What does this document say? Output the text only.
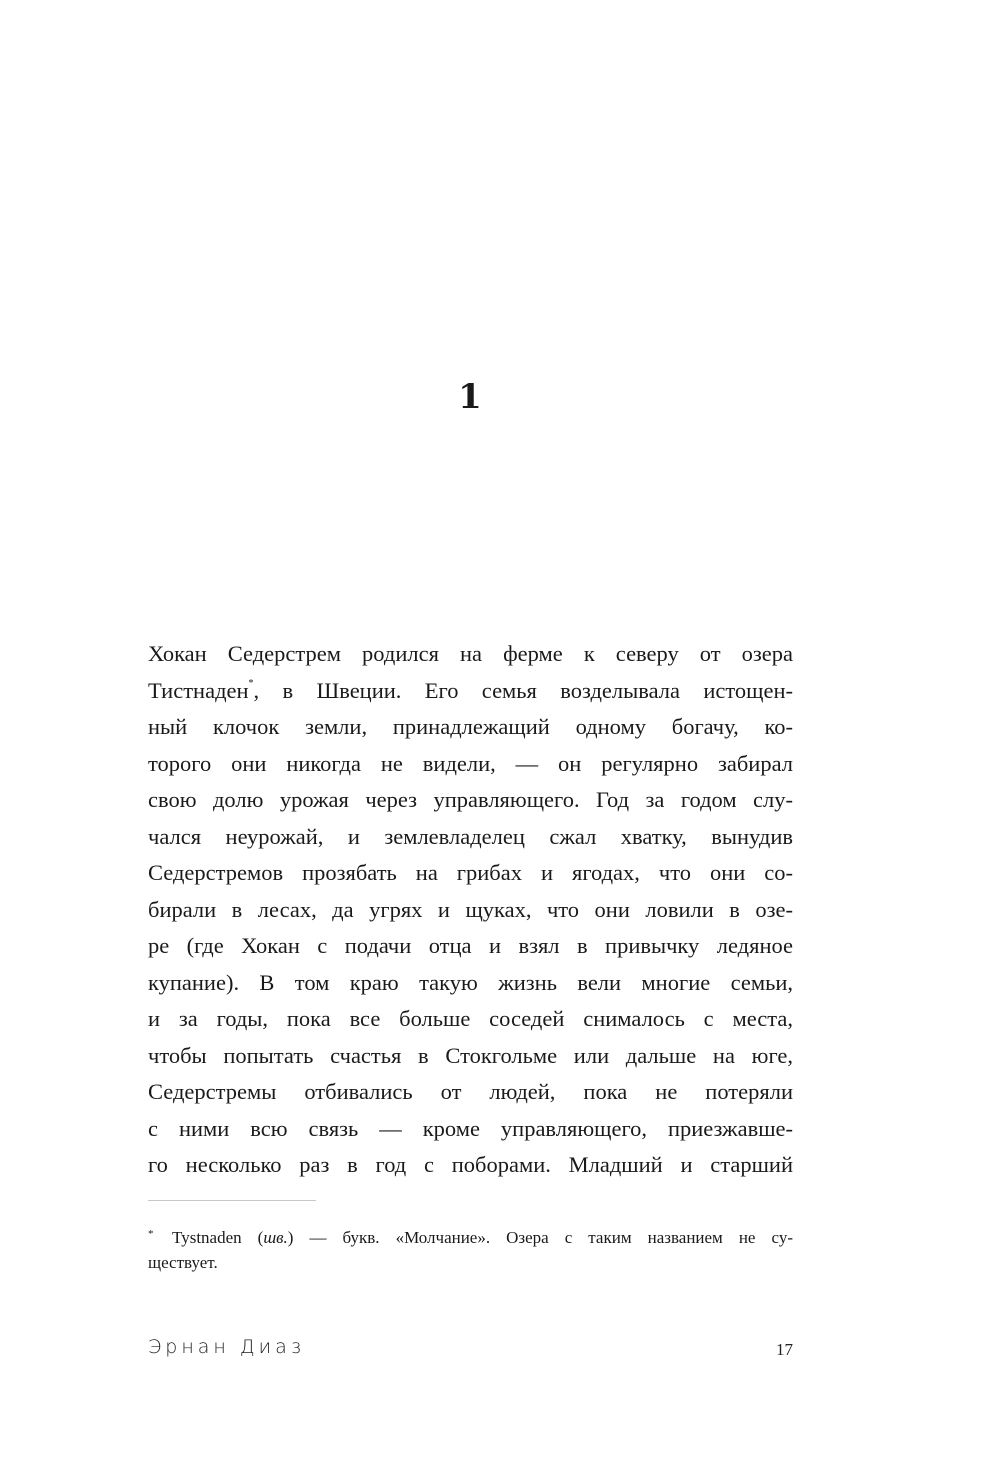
1
Хокан Седерстрем родился на ферме к северу от озера
Тистнаден*, в Швеции. Его семья возделывала истощен-
ный клочок земли, принадлежащий одному богачу, ко-
торого они никогда не видели, — он регулярно забирал
свою долю урожая через управляющего. Год за годом слу-
чался неурожай, и землевладелец сжал хватку, вынудив
Седерстремов прозябать на грибах и ягодах, что они со-
бирали в лесах, да угрях и щуках, что они ловили в озе-
ре (где Хокан с подачи отца и взял в привычку ледяное
купание). В том краю такую жизнь вели многие семьи,
и за годы, пока все больше соседей снималось с места,
чтобы попытать счастья в Стокгольме или дальше на юге,
Седерстремы отбивались от людей, пока не потеряли
с ними всю связь — кроме управляющего, приезжавше-
го несколько раз в год с поборами. Младший и старший
* Tystnaden (шв.) — букв. «Молчание». Озера с таким названием не су-
ществует.
Эрнан Диаз	17
